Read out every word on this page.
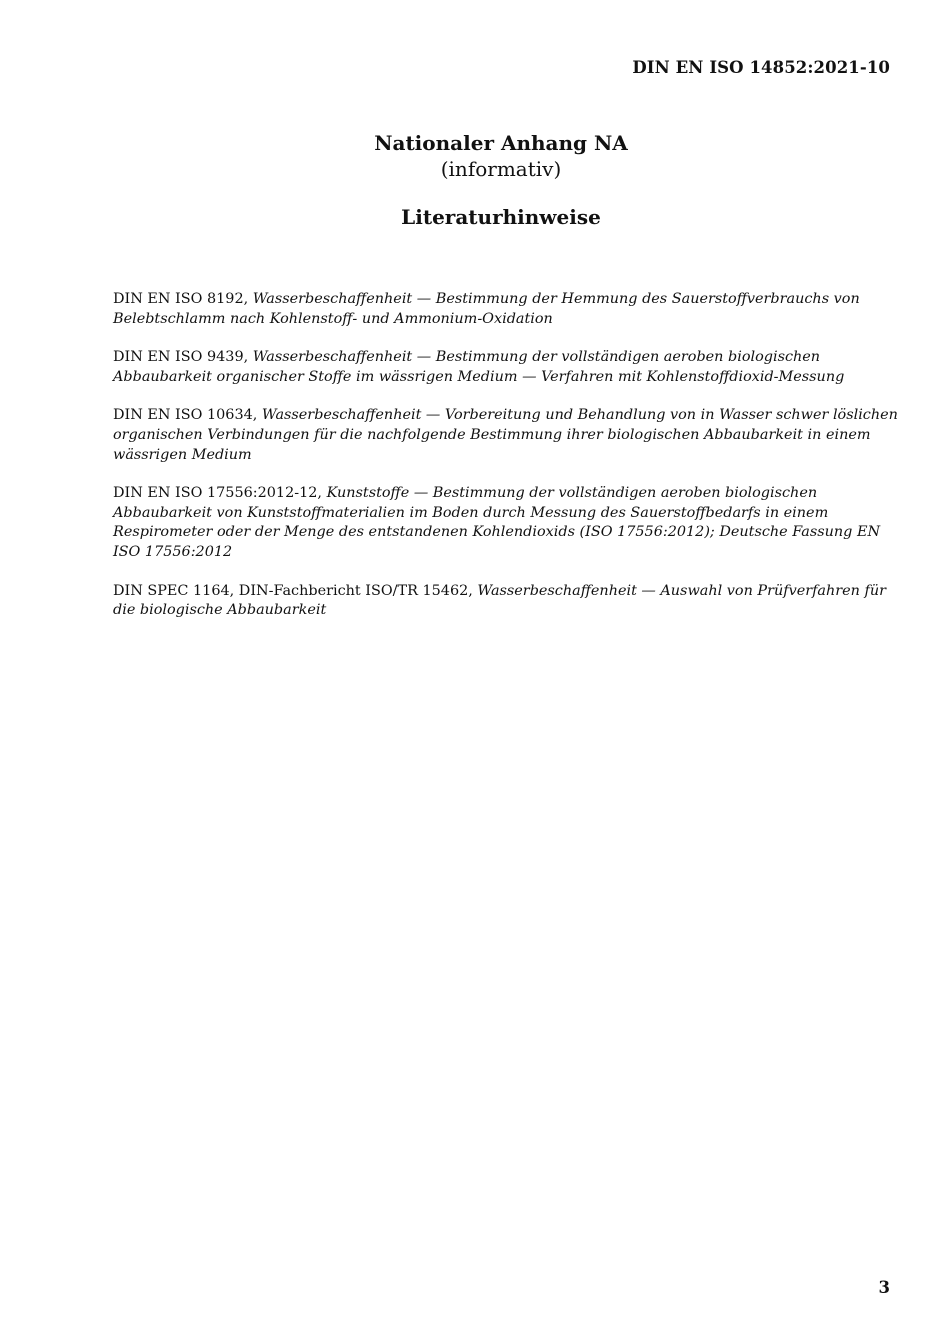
DIN EN ISO 14852:2021-10
Nationaler Anhang NA
(informativ)
Literaturhinweise

DIN EN ISO 8192, Wasserbeschaffenheit — Bestimmung der Hemmung des Sauerstoffverbrauchs von Belebtschlamm nach Kohlenstoff- und Ammonium-Oxidation

DIN EN ISO 9439, Wasserbeschaffenheit — Bestimmung der vollständigen aeroben biologischen Abbaubarkeit organischer Stoffe im wässrigen Medium — Verfahren mit Kohlenstoffdioxid-Messung

DIN EN ISO 10634, Wasserbeschaffenheit — Vorbereitung und Behandlung von in Wasser schwer löslichen organischen Verbindungen für die nachfolgende Bestimmung ihrer biologischen Abbaubarkeit in einem wässrigen Medium

DIN EN ISO 17556:2012-12, Kunststoffe — Bestimmung der vollständigen aeroben biologischen Abbaubarkeit von Kunststoffmaterialien im Boden durch Messung des Sauerstoffbedarfs in einem Respirometer oder der Menge des entstandenen Kohlendioxids (ISO 17556:2012); Deutsche Fassung EN ISO 17556:2012

DIN SPEC 1164, DIN-Fachbericht ISO/TR 15462, Wasserbeschaffenheit — Auswahl von Prüfverfahren für die biologische Abbaubarkeit

3
